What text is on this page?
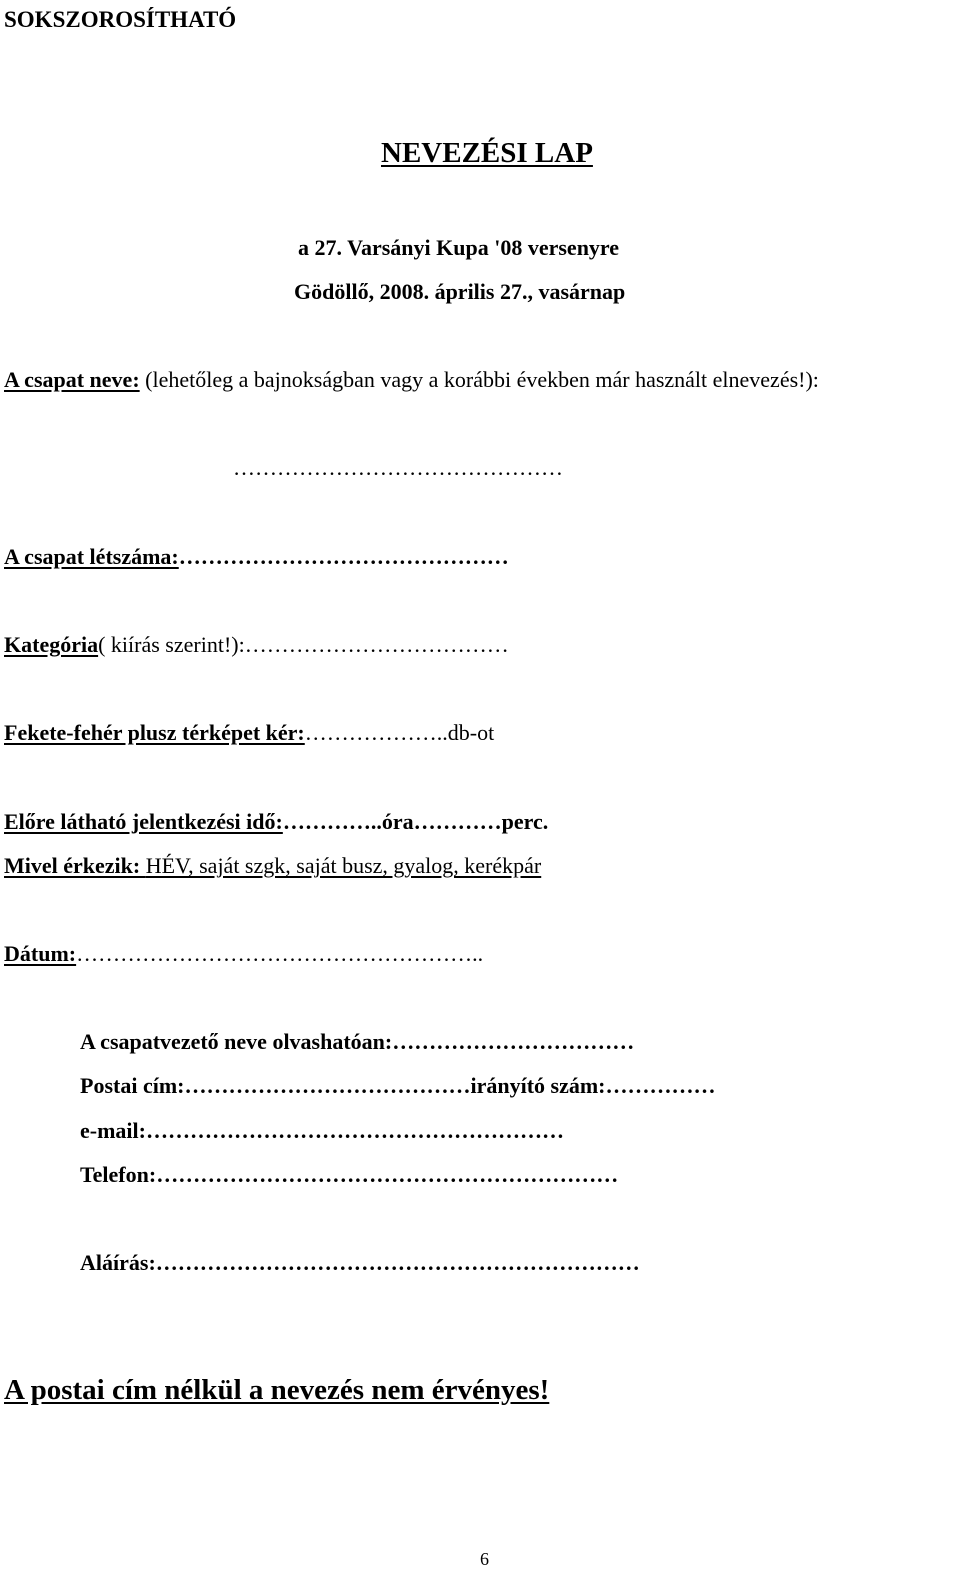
SOKSZOROSÍTHATÓ
NEVEZÉSI LAP
a 27. Varsányi Kupa '08 versenyre
Gödöllő, 2008. április 27., vasárnap
A csapat neve: (lehetőleg a bajnokságban vagy a korábbi években már használt elnevezés!):
………………………………………
A csapat létszáma:………………………………………
Kategória( kiírás szerint!):………………………………
Fekete-fehér plusz térképet kér:………………..db-ot
Előre látható jelentkezési idő:…………..óra…………perc.
Mivel érkezik: HÉV, saját szgk, saját busz, gyalog, kerékpár
Dátum:………………………………………………..
A csapatvezető neve olvashatóan:……………………………
Postai cím:…………………………………irányító szám:……………
e-mail:…………………………………………………
Telefon:………………………………………………………
Aláírás:…………………………………………………………
A postai cím nélkül a nevezés nem érvényes!
6
